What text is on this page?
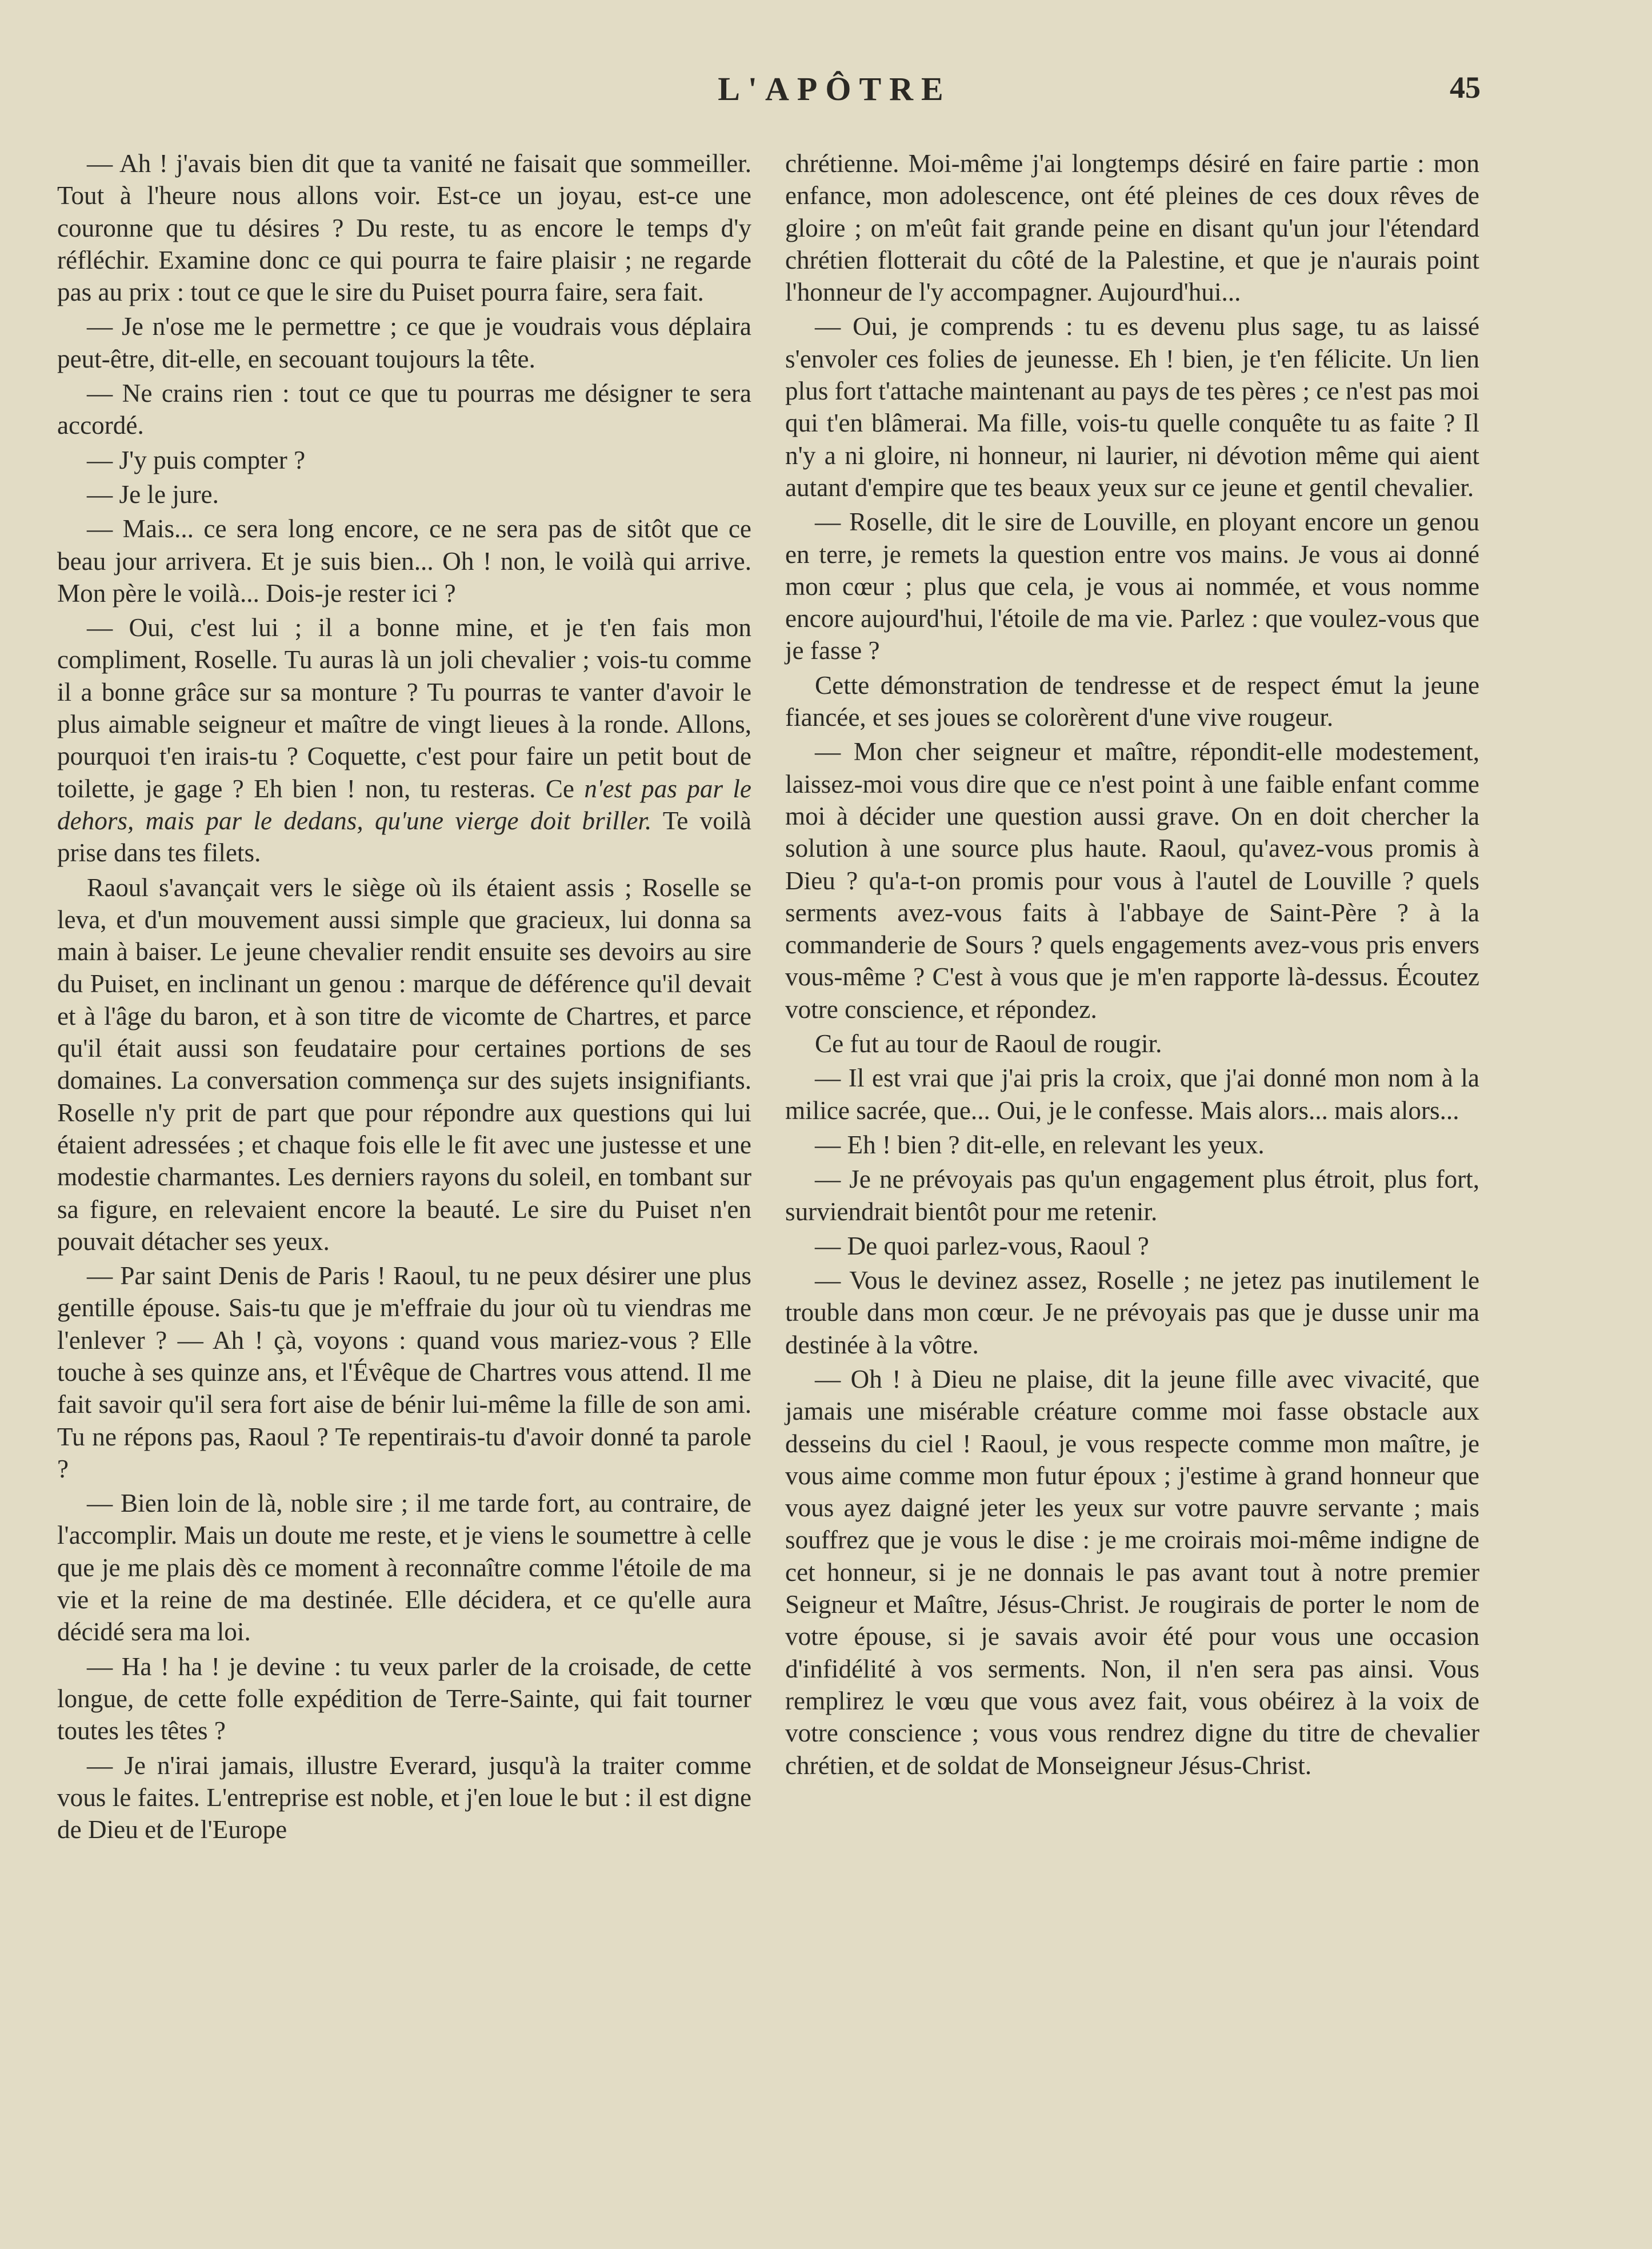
L'APÔTRE	45

— Ah ! j'avais bien dit que ta vanité ne faisait que sommeiller. Tout à l'heure nous allons voir. Est-ce un joyau, est-ce une couronne que tu désires ? Du reste, tu as encore le temps d'y réfléchir. Examine donc ce qui pourra te faire plaisir ; ne regarde pas au prix : tout ce que le sire du Puiset pourra faire, sera fait.

— Je n'ose me le permettre ; ce que je voudrais vous déplaira peut-être, dit-elle, en secouant toujours la tête.

— Ne crains rien : tout ce que tu pourras me désigner te sera accordé.

— J'y puis compter ?

— Je le jure.

— Mais... ce sera long encore, ce ne sera pas de sitôt que ce beau jour arrivera. Et je suis bien... Oh ! non, le voilà qui arrive. Mon père le voilà... Dois-je rester ici ?

— Oui, c'est lui ; il a bonne mine, et je t'en fais mon compliment, Roselle. Tu auras là un joli chevalier ; vois-tu comme il a bonne grâce sur sa monture ? Tu pourras te vanter d'avoir le plus aimable seigneur et maître de vingt lieues à la ronde. Allons, pourquoi t'en irais-tu ? Coquette, c'est pour faire un petit bout de toilette, je gage ? Eh bien ! non, tu resteras. Ce n'est pas par le dehors, mais par le dedans, qu'une vierge doit briller. Te voilà prise dans tes filets.

Raoul s'avançait vers le siège où ils étaient assis ; Roselle se leva, et d'un mouvement aussi simple que gracieux, lui donna sa main à baiser. Le jeune chevalier rendit ensuite ses devoirs au sire du Puiset, en inclinant un genou : marque de déférence qu'il devait et à l'âge du baron, et à son titre de vicomte de Chartres, et parce qu'il était aussi son feudataire pour certaines portions de ses domaines. La conversation commença sur des sujets insignifiants. Roselle n'y prit de part que pour répondre aux questions qui lui étaient adressées ; et chaque fois elle le fit avec une justesse et une modestie charmantes. Les derniers rayons du soleil, en tombant sur sa figure, en relevaient encore la beauté. Le sire du Puiset n'en pouvait détacher ses yeux.

— Par saint Denis de Paris ! Raoul, tu ne peux désirer une plus gentille épouse. Sais-tu que je m'effraie du jour où tu viendras me l'enlever ? — Ah ! çà, voyons : quand vous mariez-vous ? Elle touche à ses quinze ans, et l'Évêque de Chartres vous attend. Il me fait savoir qu'il sera fort aise de bénir lui-même la fille de son ami. Tu ne répons pas, Raoul ? Te repentirais-tu d'avoir donné ta parole ?

— Bien loin de là, noble sire ; il me tarde fort, au contraire, de l'accomplir. Mais un doute me reste, et je viens le soumettre à celle que je me plais dès ce moment à reconnaître comme l'étoile de ma vie et la reine de ma destinée. Elle décidera, et ce qu'elle aura décidé sera ma loi.

— Ha ! ha ! je devine : tu veux parler de la croisade, de cette longue, de cette folle expédition de Terre-Sainte, qui fait tourner toutes les têtes ?

— Je n'irai jamais, illustre Everard, jusqu'à la traiter comme vous le faites. L'entreprise est noble, et j'en loue le but : il est digne de Dieu et de l'Europe

chrétienne. Moi-même j'ai longtemps désiré en faire partie : mon enfance, mon adolescence, ont été pleines de ces doux rêves de gloire ; on m'eût fait grande peine en disant qu'un jour l'étendard chrétien flotterait du côté de la Palestine, et que je n'aurais point l'honneur de l'y accompagner. Aujourd'hui...

— Oui, je comprends : tu es devenu plus sage, tu as laissé s'envoler ces folies de jeunesse. Eh ! bien, je t'en félicite. Un lien plus fort t'attache maintenant au pays de tes pères ; ce n'est pas moi qui t'en blâmerai. Ma fille, vois-tu quelle conquête tu as faite ? Il n'y a ni gloire, ni honneur, ni laurier, ni dévotion même qui aient autant d'empire que tes beaux yeux sur ce jeune et gentil chevalier.

— Roselle, dit le sire de Louville, en ployant encore un genou en terre, je remets la question entre vos mains. Je vous ai donné mon cœur ; plus que cela, je vous ai nommée, et vous nomme encore aujourd'hui, l'étoile de ma vie. Parlez : que voulez-vous que je fasse ?

Cette démonstration de tendresse et de respect émut la jeune fiancée, et ses joues se colorèrent d'une vive rougeur.

— Mon cher seigneur et maître, répondit-elle modestement, laissez-moi vous dire que ce n'est point à une faible enfant comme moi à décider une question aussi grave. On en doit chercher la solution à une source plus haute. Raoul, qu'avez-vous promis à Dieu ? qu'a-t-on promis pour vous à l'autel de Louville ? quels serments avez-vous faits à l'abbaye de Saint-Père ? à la commanderie de Sours ? quels engagements avez-vous pris envers vous-même ? C'est à vous que je m'en rapporte là-dessus. Écoutez votre conscience, et répondez.

Ce fut au tour de Raoul de rougir.

— Il est vrai que j'ai pris la croix, que j'ai donné mon nom à la milice sacrée, que... Oui, je le confesse. Mais alors... mais alors...

— Eh ! bien ? dit-elle, en relevant les yeux.

— Je ne prévoyais pas qu'un engagement plus étroit, plus fort, surviendrait bientôt pour me retenir.

— De quoi parlez-vous, Raoul ?

— Vous le devinez assez, Roselle ; ne jetez pas inutilement le trouble dans mon cœur. Je ne prévoyais pas que je dusse unir ma destinée à la vôtre.

— Oh ! à Dieu ne plaise, dit la jeune fille avec vivacité, que jamais une misérable créature comme moi fasse obstacle aux desseins du ciel ! Raoul, je vous respecte comme mon maître, je vous aime comme mon futur époux ; j'estime à grand honneur que vous ayez daigné jeter les yeux sur votre pauvre servante ; mais souffrez que je vous le dise : je me croirais moi-même indigne de cet honneur, si je ne donnais le pas avant tout à notre premier Seigneur et Maître, Jésus-Christ. Je rougirais de porter le nom de votre épouse, si je savais avoir été pour vous une occasion d'infidélité à vos serments. Non, il n'en sera pas ainsi. Vous remplirez le vœu que vous avez fait, vous obéirez à la voix de votre conscience ; vous vous rendrez digne du titre de chevalier chrétien, et de soldat de Monseigneur Jésus-Christ.
